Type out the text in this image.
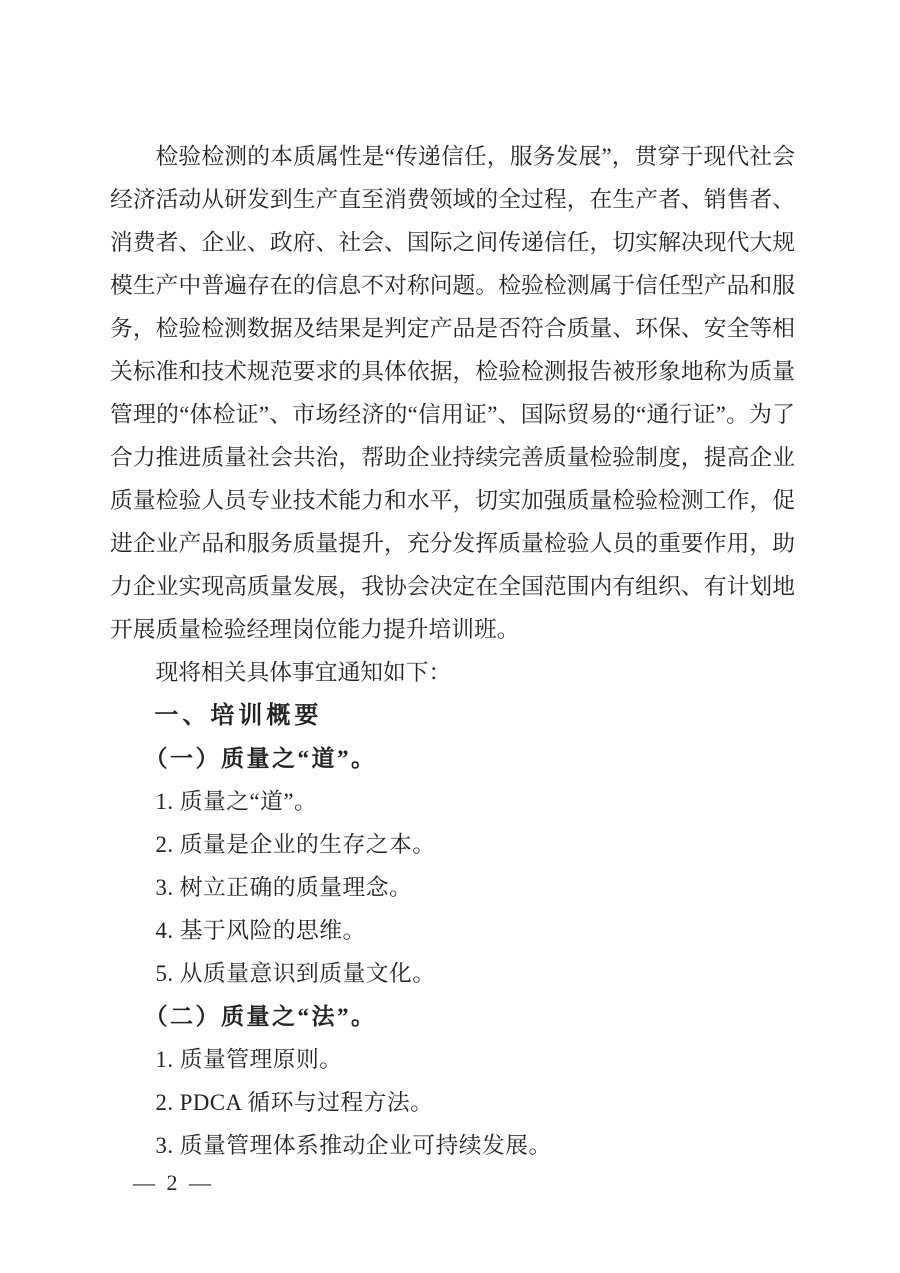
检验检测的本质属性是“传递信任，服务发展”，贯穿于现代社会经济活动从研发到生产直至消费领域的全过程，在生产者、销售者、消费者、企业、政府、社会、国际之间传递信任，切实解决现代大规模生产中普遍存在的信息不对称问题。检验检测属于信任型产品和服务，检验检测数据及结果是判定产品是否符合质量、环保、安全等相关标准和技术规范要求的具体依据，检验检测报告被形象地称为质量管理的“体检证”、市场经济的“信用证”、国际贸易的“通行证”。为了合力推进质量社会共治，帮助企业持续完善质量检验制度，提高企业质量检验人员专业技术能力和水平，切实加强质量检验检测工作，促进企业产品和服务质量提升，充分发挥质量检验人员的重要作用，助力企业实现高质量发展，我协会决定在全国范围内有组织、有计划地开展质量检验经理岗位能力提升培训班。

现将相关具体事宜通知如下：

一、培训概要

（一）质量之“道”。

1. 质量之“道”。

2. 质量是企业的生存之本。

3. 树立正确的质量理念。

4. 基于风险的思维。

5. 从质量意识到质量文化。

（二）质量之“法”。

1. 质量管理原则。

2. PDCA 循环与过程方法。

3. 质量管理体系推动企业可持续发展。

— 2 —
